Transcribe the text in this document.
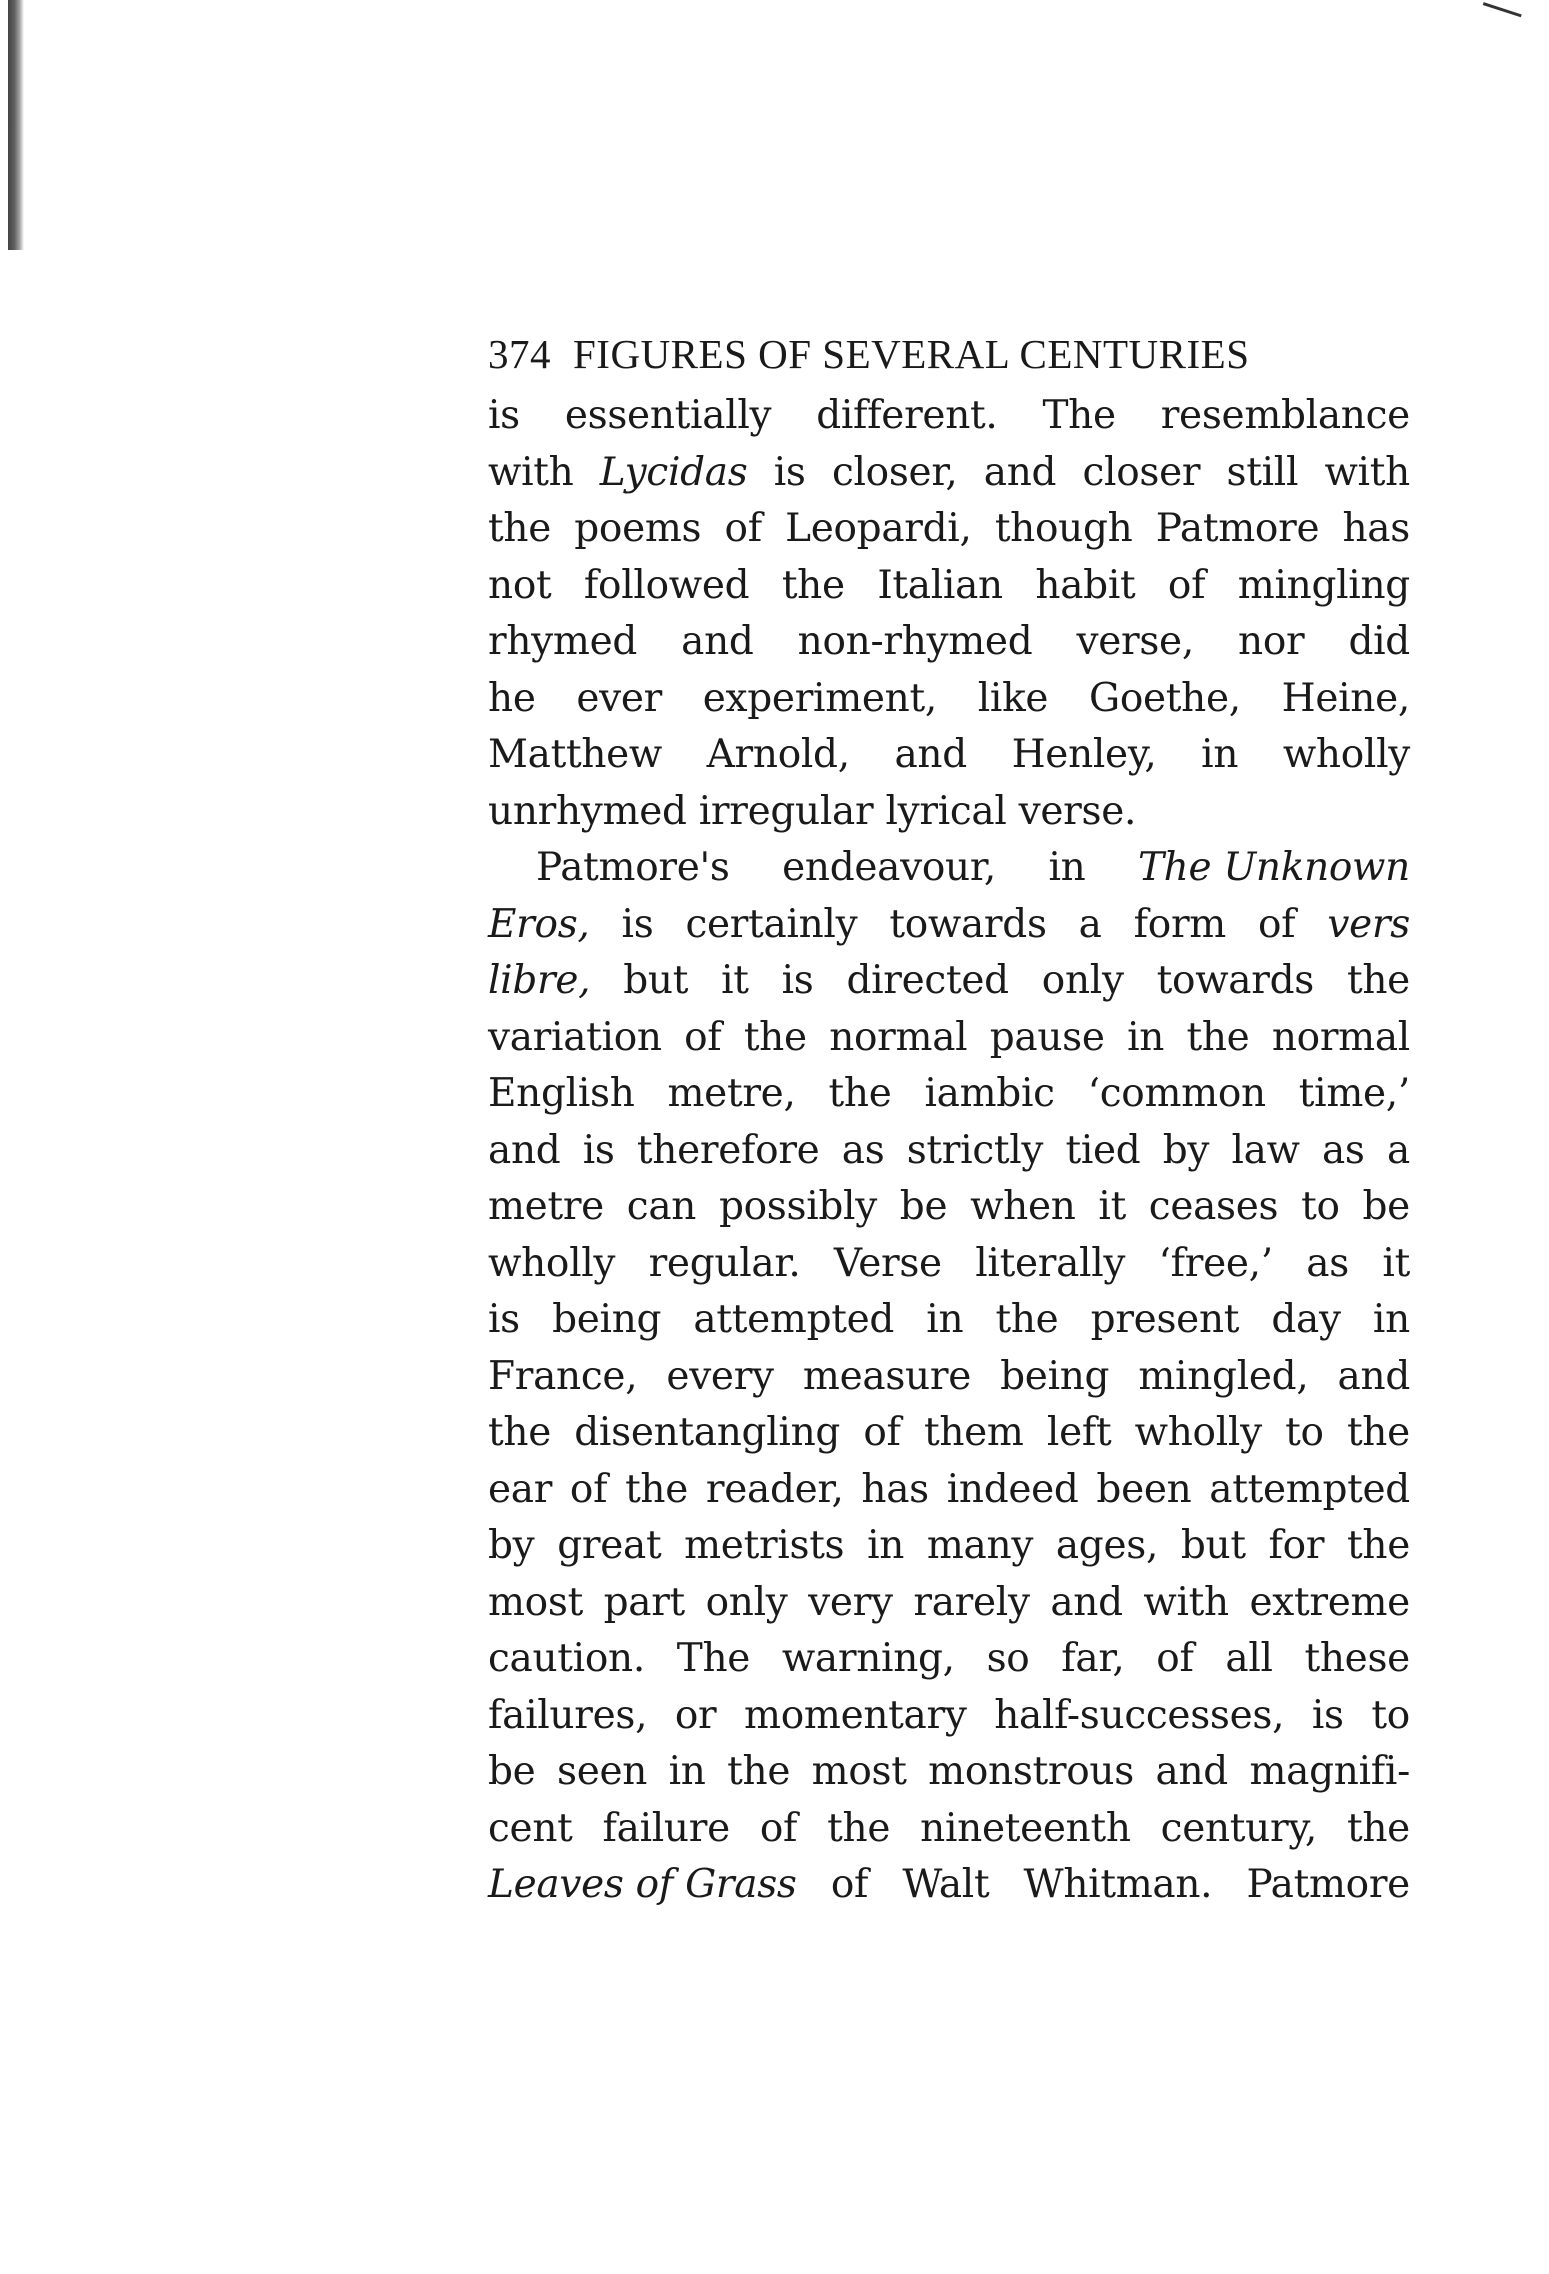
374 FIGURES OF SEVERAL CENTURIES
is essentially different. The resemblance
with Lycidas is closer, and closer still with
the poems of Leopardi, though Patmore has
not followed the Italian habit of mingling
rhymed and non-rhymed verse, nor did
he ever experiment, like Goethe, Heine,
Matthew Arnold, and Henley, in wholly
unrhymed irregular lyrical verse.
Patmore's endeavour, in The Unknown
Eros, is certainly towards a form of vers
libre, but it is directed only towards the
variation of the normal pause in the normal
English metre, the iambic ‘common time,’
and is therefore as strictly tied by law as a
metre can possibly be when it ceases to be
wholly regular. Verse literally ‘free,’ as it
is being attempted in the present day in
France, every measure being mingled, and
the disentangling of them left wholly to the
ear of the reader, has indeed been attempted
by great metrists in many ages, but for the
most part only very rarely and with extreme
caution. The warning, so far, of all these
failures, or momentary half-successes, is to
be seen in the most monstrous and magnifi-
cent failure of the nineteenth century, the
Leaves of Grass of Walt Whitman. Patmore
